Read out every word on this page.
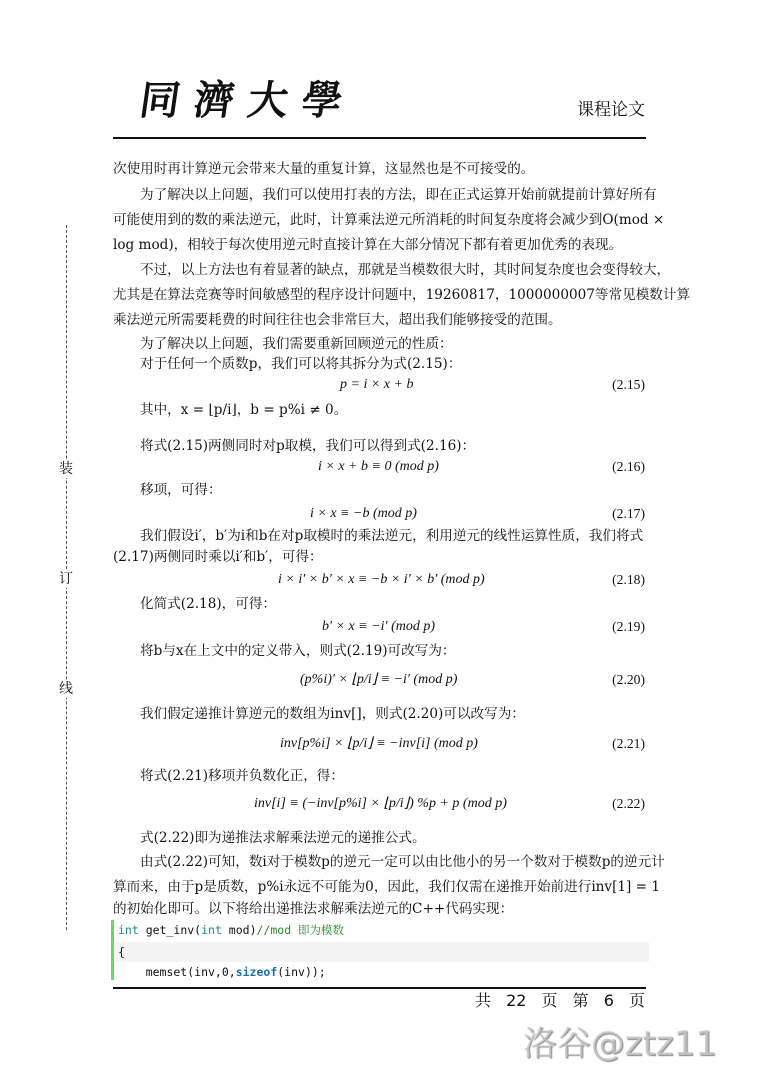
同濟大學	课程论文
装
订
线
次使用时再计算逆元会带来大量的重复计算，这显然也是不可接受的。
为了解决以上问题，我们可以使用打表的方法，即在正式运算开始前就提前计算好所有
可能使用到的数的乘法逆元，此时，计算乘法逆元所消耗的时间复杂度将会减少到O(mod ×
log mod)，相较于每次使用逆元时直接计算在大部分情况下都有着更加优秀的表现。
不过，以上方法也有着显著的缺点，那就是当模数很大时，其时间复杂度也会变得较大，
尤其是在算法竞赛等时间敏感型的程序设计问题中，19260817，1000000007等常见模数计算
乘法逆元所需要耗费的时间往往也会非常巨大，超出我们能够接受的范围。
为了解决以上问题，我们需要重新回顾逆元的性质：
对于任何一个质数p，我们可以将其拆分为式(2.15)：
p = i × x + b	(2.15)
其中，x = ⌊p/i⌋，b = p%i ≠ 0。
将式(2.15)两侧同时对p取模，我们可以得到式(2.16)：
i × x + b ≡ 0 (mod p)	(2.16)
移项，可得：
i × x ≡ −b (mod p)	(2.17)
我们假设i′，b′为i和b在对p取模时的乘法逆元，利用逆元的线性运算性质，我们将式
(2.17)两侧同时乘以i′和b′，可得：
i × i′ × b′ × x ≡ −b × i′ × b′ (mod p)	(2.18)
化简式(2.18)，可得：
b′ × x ≡ −i′ (mod p)	(2.19)
将b与x在上文中的定义带入，则式(2.19)可改写为：
(p%i)′ × ⌊p/i⌋ ≡ −i′ (mod p)	(2.20)
我们假定递推计算逆元的数组为inv[]，则式(2.20)可以改写为：
inv[p%i] × ⌊p/i⌋ ≡ −inv[i] (mod p)	(2.21)
将式(2.21)移项并负数化正，得：
inv[i] ≡ (−inv[p%i] × ⌊p/i⌋) %p + p (mod p)	(2.22)
式(2.22)即为递推法求解乘法逆元的递推公式。
由式(2.22)可知，数i对于模数p的逆元一定可以由比他小的另一个数对于模数p的逆元计
算而来，由于p是质数，p%i永远不可能为0，因此，我们仅需在递推开始前进行inv[1] = 1
的初始化即可。以下将给出递推法求解乘法逆元的C++代码实现：
int get_inv(int mod)//mod 即为模数
{
memset(inv,0,sizeof(inv));
共 22 页 第 6 页
洛谷@ztz11
